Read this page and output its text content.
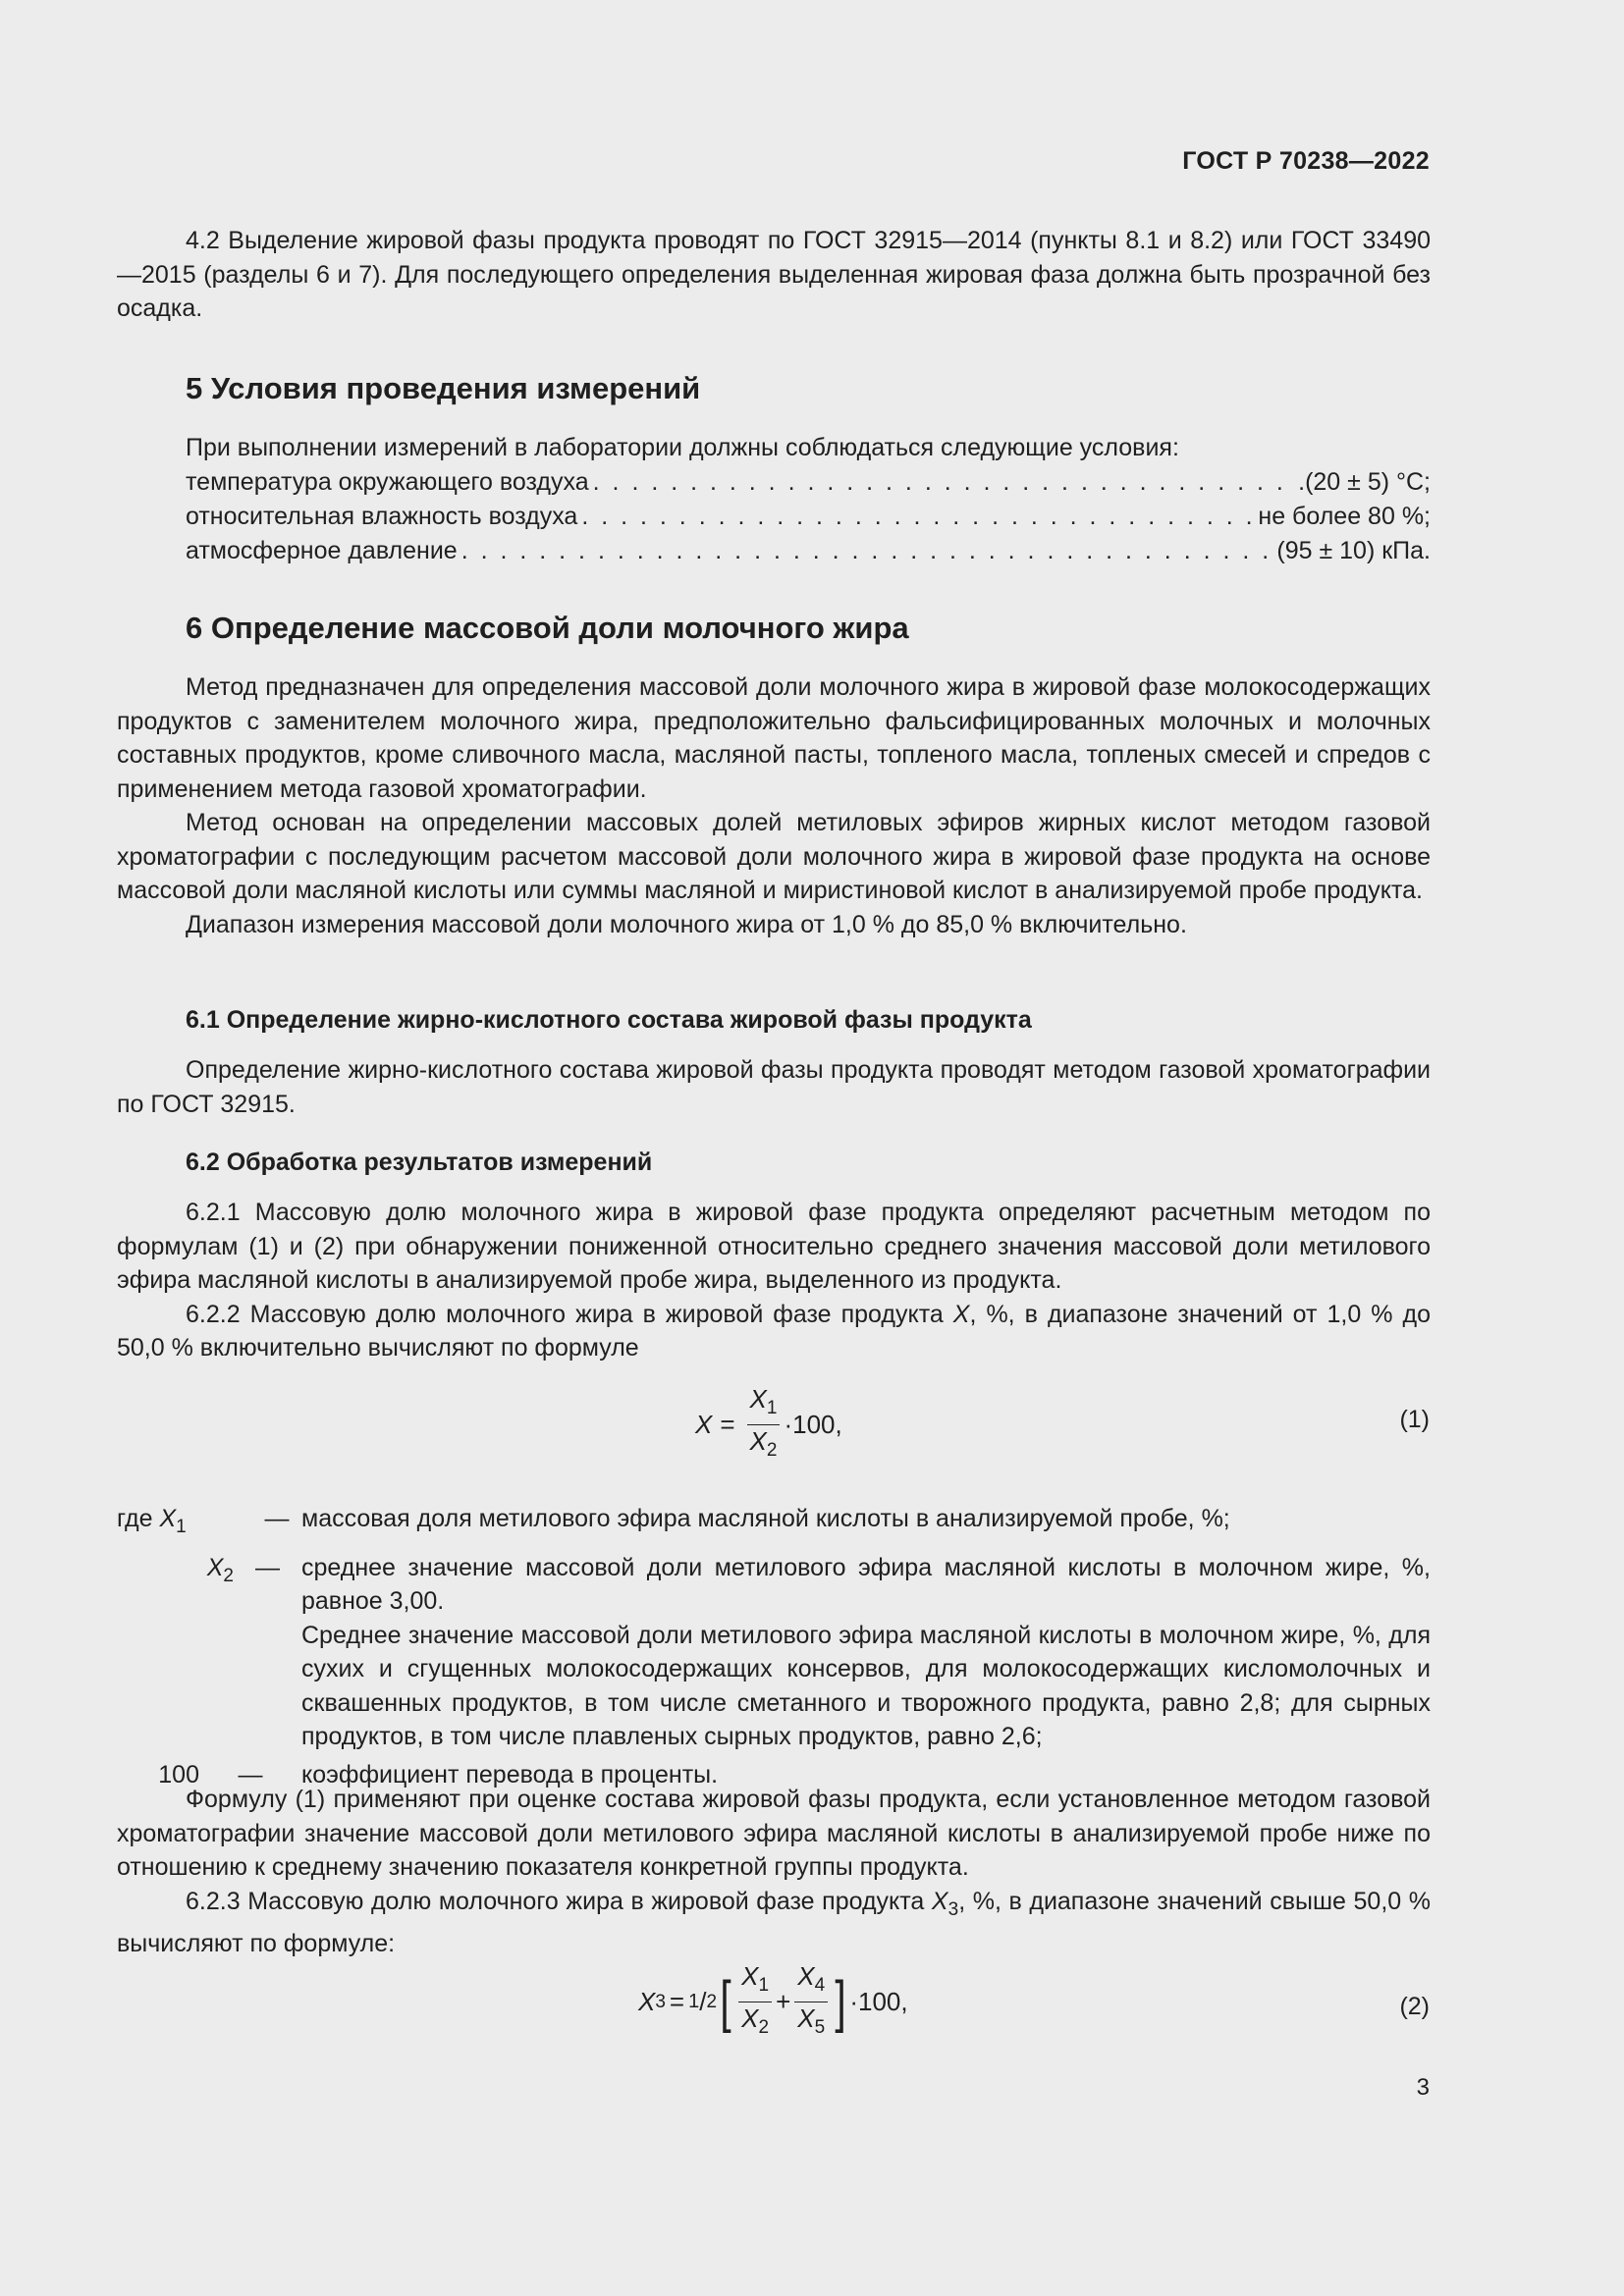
ГОСТ Р 70238—2022

4.2 Выделение жировой фазы продукта проводят по ГОСТ 32915—2014 (пункты 8.1 и 8.2) или ГОСТ 33490—2015 (разделы 6 и 7). Для последующего определения выделенная жировая фаза должна быть прозрачной без осадка.

5 Условия проведения измерений
При выполнении измерений в лаборатории должны соблюдаться следующие условия:
температура окружающего воздуха . . .	.(20 ± 5) °С;
относительная влажность воздуха . . .	не более 80 %;
атмосферное давление . . .	(95 ± 10) кПа.
6 Определение массовой доли молочного жира

Метод предназначен для определения массовой доли молочного жира в жировой фазе молокосодержащих продуктов с заменителем молочного жира, предположительно фальсифицированных молочных и молочных составных продуктов, кроме сливочного масла, масляной пасты, топленого масла, топленых смесей и спредов с применением метода газовой хроматографии.

Метод основан на определении массовых долей метиловых эфиров жирных кислот методом газовой хроматографии с последующим расчетом массовой доли молочного жира в жировой фазе продукта на основе массовой доли масляной кислоты или суммы масляной и миристиновой кислот в анализируемой пробе продукта.

Диапазон измерения массовой доли молочного жира от 1,0 % до 85,0 % включительно.

6.1 Определение жирно-кислотного состава жировой фазы продукта

Определение жирно-кислотного состава жировой фазы продукта проводят методом газовой хроматографии по ГОСТ 32915.

6.2 Обработка результатов измерений

6.2.1 Массовую долю молочного жира в жировой фазе продукта определяют расчетным методом по формулам (1) и (2) при обнаружении пониженной относительно среднего значения массовой доли метилового эфира масляной кислоты в анализируемой пробе жира, выделенного из продукта.

6.2.2 Массовую долю молочного жира в жировой фазе продукта X, %, в диапазоне значений от 1,0 % до 50,0 % включительно вычисляют по формуле

$X = \frac{X_1}{X_2} \cdot 100$,	(1)
где $X_1$	— массовая доля метилового эфира масляной кислоты в анализируемой пробе, %;
$X_2$ — среднее значение массовой доли метилового эфира масляной кислоты в молочном жире, %, равное 3,00.
Среднее значение массовой доли метилового эфира масляной кислоты в молочном жире, %, для сухих и сгущенных молокосодержащих консервов, для молокосодержащих кисломолочных и сквашенных продуктов, в том числе сметанного и творожного продукта, равно 2,8; для сырных продуктов, в том числе плавленых сырных продуктов, равно 2,6;
100	—	коэффициент перевода в проценты.

Формулу (1) применяют при оценке состава жировой фазы продукта, если установленное методом газовой хроматографии значение массовой доли метилового эфира масляной кислоты в анализируемой пробе ниже по отношению к среднему значению показателя конкретной группы продукта.

6.2.3 Массовую долю молочного жира в жировой фазе продукта $X_3$, %, в диапазоне значений свыше 50,0 % вычисляют по формуле:

X 3 = 1 / 2 [ $\frac{X_1}{X_2} + \frac{X_4}{X_5}$ ] ·100,	(2)
3
